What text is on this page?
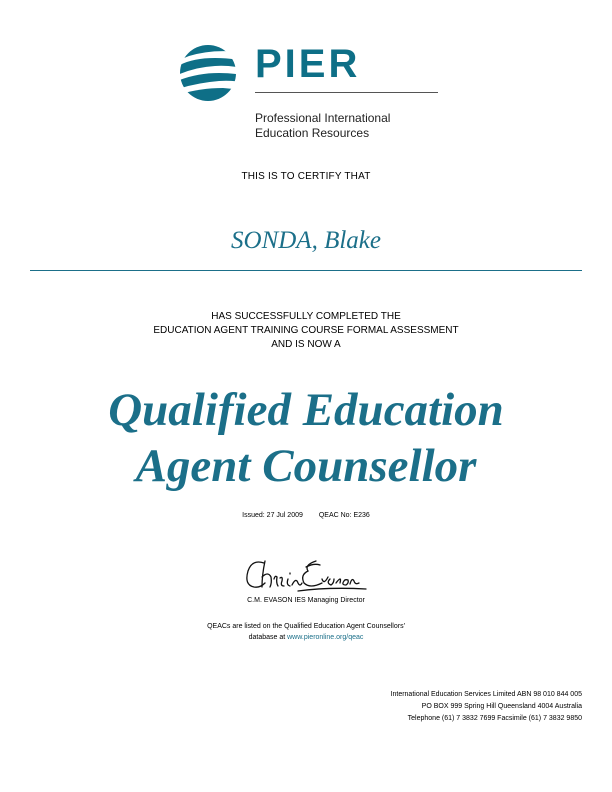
PIER
Professional International
Education Resources
THIS IS TO CERTIFY THAT
SONDA, Blake
HAS SUCCESSFULLY COMPLETED THE
EDUCATION AGENT TRAINING COURSE FORMAL ASSESSMENT
AND IS NOW A
Qualified Education
Agent Counsellor
Issued: 27 Jul 2009 QEAC No: E236
Chris Evason
C.M. EVASON IES Managing Director
QEACs are listed on the Qualified Education Agent Counsellors'
database at www.pieronline.org/qeac
International Education Services Limited ABN 98 010 844 005
PO BOX 999 Spring Hill Queensland 4004 Australia
Telephone (61) 7 3832 7699 Facsimile (61) 7 3832 9850
